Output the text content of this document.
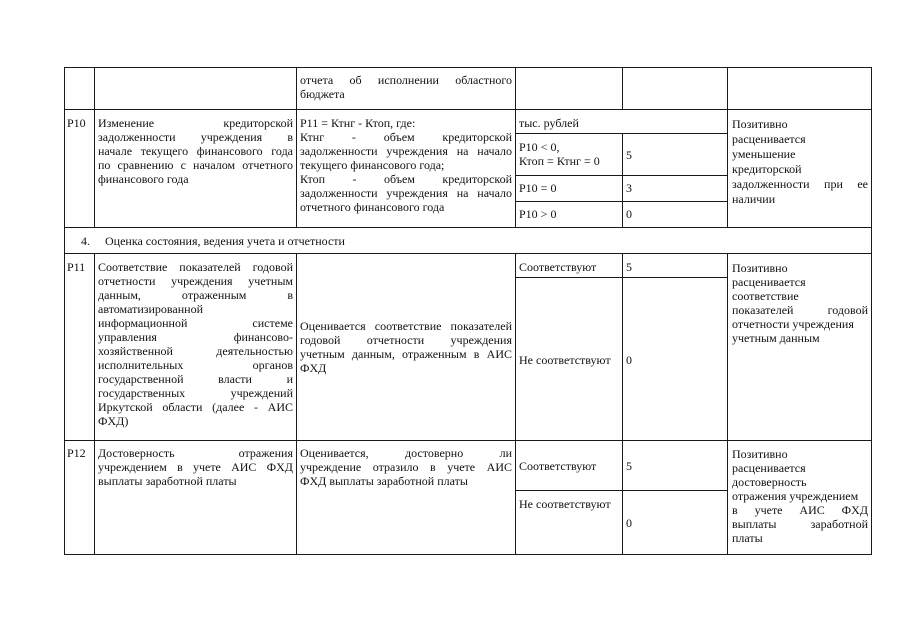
отчета об исполнении областного
бюджета
Р10 Изменение кредиторской
задолженности учреждения в
начале текущего финансового года
по сравнению с началом отчетного
финансового года
Р11 = Ктнг - Ктоп, где:
Ктнг - объем кредиторской
задолженности учреждения на начало
текущего финансового года;
Ктоп - объем кредиторской
задолженности учреждения на начало
отчетного финансового года
тыс. рублей
Р10 < 0,
Ктоп = Ктнг = 0 5
Р10 = 0	3
Р10 > 0	0
Позитивно
расценивается
уменьшение
кредиторской
задолженности при ее
наличии
4. Оценка состояния, ведения учета и отчетности
Р11 Соответствие показателей годовой
отчетности учреждения учетным
данным, отраженным в
автоматизированной
информационной системе
управления финансово-
хозяйственной деятельностью
исполнительных органов
государственной власти и
государственных учреждений
Иркутской области (далее - АИС
ФХД)
Оценивается соответствие показателей
годовой отчетности учреждения
учетным данным, отраженным в АИС
ФХД
Соответствуют 5
Не соответствуют 0
Позитивно
расценивается
соответствие
показателей годовой
отчетности учреждения
учетным данным
Р12 Достоверность отражения
учреждением в учете АИС ФХД
выплаты заработной платы
Оценивается, достоверно ли
учреждение отразило в учете АИС
ФХД выплаты заработной платы
Соответствуют 5
Не соответствуют
0
Позитивно
расценивается
достоверность
отражения учреждением
в учете АИС ФХД
выплаты заработной
платы
